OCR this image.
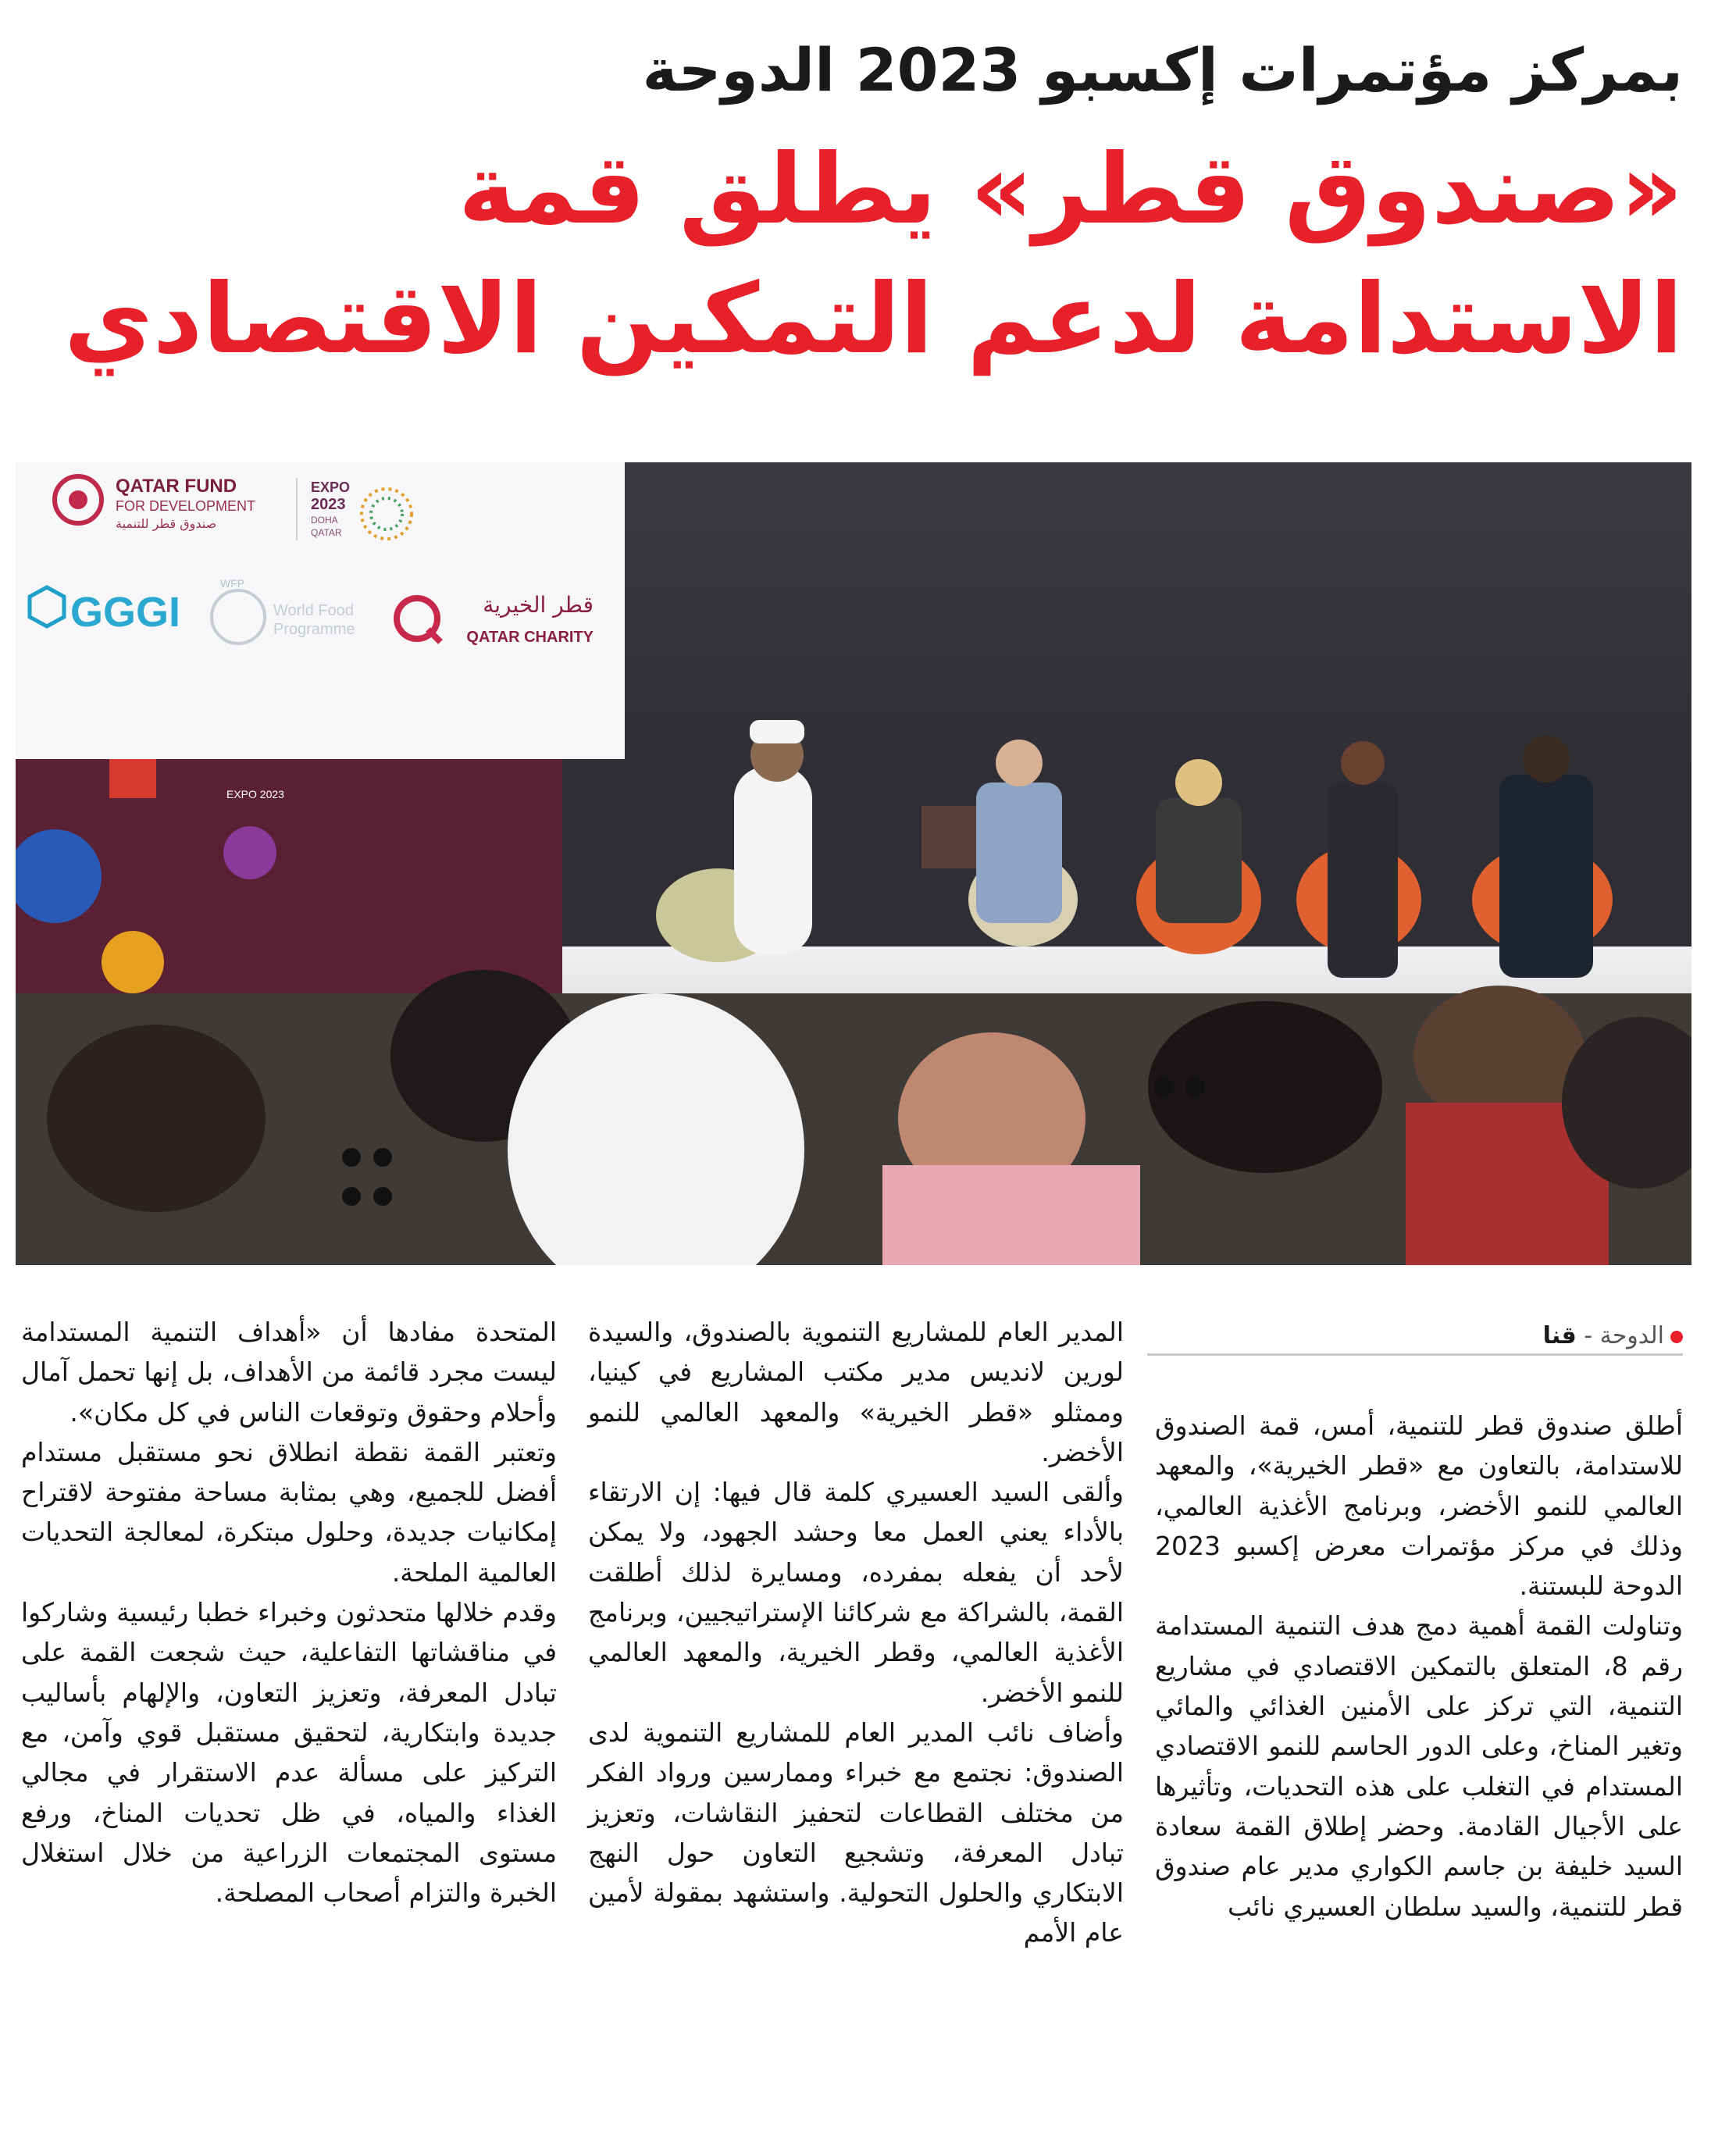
بمركز مؤتمرات إكسبو 2023 الدوحة
«صندوق قطر» يطلق قمة
الاستدامة لدعم التمكين الاقتصادي
QATAR FUND
FOR DEVELOPMENT
صندوق قطر للتنمية
EXPO
2023
DOHA
QATAR
GGGI
WFP
World Food
Programme
قطر الخيرية
QATAR CHARITY
EXPO 2023
الدوحة - قنا

أطلق صندوق قطر للتنمية، أمس، قمة الصندوق للاستدامة، بالتعاون مع «قطر الخيرية»، والمعهد العالمي للنمو الأخضر، وبرنامج الأغذية العالمي، وذلك في مركز مؤتمرات معرض إكسبو 2023 الدوحة للبستنة.

وتناولت القمة أهمية دمج هدف التنمية المستدامة رقم 8، المتعلق بالتمكين الاقتصادي في مشاريع التنمية، التي تركز على الأمنين الغذائي والمائي وتغير المناخ، وعلى الدور الحاسم للنمو الاقتصادي المستدام في التغلب على هذه التحديات، وتأثيرها على الأجيال القادمة. وحضر إطلاق القمة سعادة السيد خليفة بن جاسم الكواري مدير عام صندوق قطر للتنمية، والسيد سلطان العسيري نائب

المدير العام للمشاريع التنموية بالصندوق، والسيدة لورين لانديس مدير مكتب المشاريع في كينيا، وممثلو «قطر الخيرية» والمعهد العالمي للنمو الأخضر.

وألقى السيد العسيري كلمة قال فيها: إن الارتقاء بالأداء يعني العمل معا وحشد الجهود، ولا يمكن لأحد أن يفعله بمفرده، ومسايرة لذلك أطلقت القمة، بالشراكة مع شركائنا الإستراتيجيين، وبرنامج الأغذية العالمي، وقطر الخيرية، والمعهد العالمي للنمو الأخضر.

وأضاف نائب المدير العام للمشاريع التنموية لدى الصندوق: نجتمع مع خبراء وممارسين ورواد الفكر من مختلف القطاعات لتحفيز النقاشات، وتعزيز تبادل المعرفة، وتشجيع التعاون حول النهج الابتكاري والحلول التحولية. واستشهد بمقولة لأمين عام الأمم

المتحدة مفادها أن «أهداف التنمية المستدامة ليست مجرد قائمة من الأهداف، بل إنها تحمل آمال وأحلام وحقوق وتوقعات الناس في كل مكان».

وتعتبر القمة نقطة انطلاق نحو مستقبل مستدام أفضل للجميع، وهي بمثابة مساحة مفتوحة لاقتراح إمكانيات جديدة، وحلول مبتكرة، لمعالجة التحديات العالمية الملحة.

وقدم خلالها متحدثون وخبراء خطبا رئيسية وشاركوا في مناقشاتها التفاعلية، حيث شجعت القمة على تبادل المعرفة، وتعزيز التعاون، والإلهام بأساليب جديدة وابتكارية، لتحقيق مستقبل قوي وآمن، مع التركيز على مسألة عدم الاستقرار في مجالي الغذاء والمياه، في ظل تحديات المناخ، ورفع مستوى المجتمعات الزراعية من خلال استغلال الخبرة والتزام أصحاب المصلحة.
